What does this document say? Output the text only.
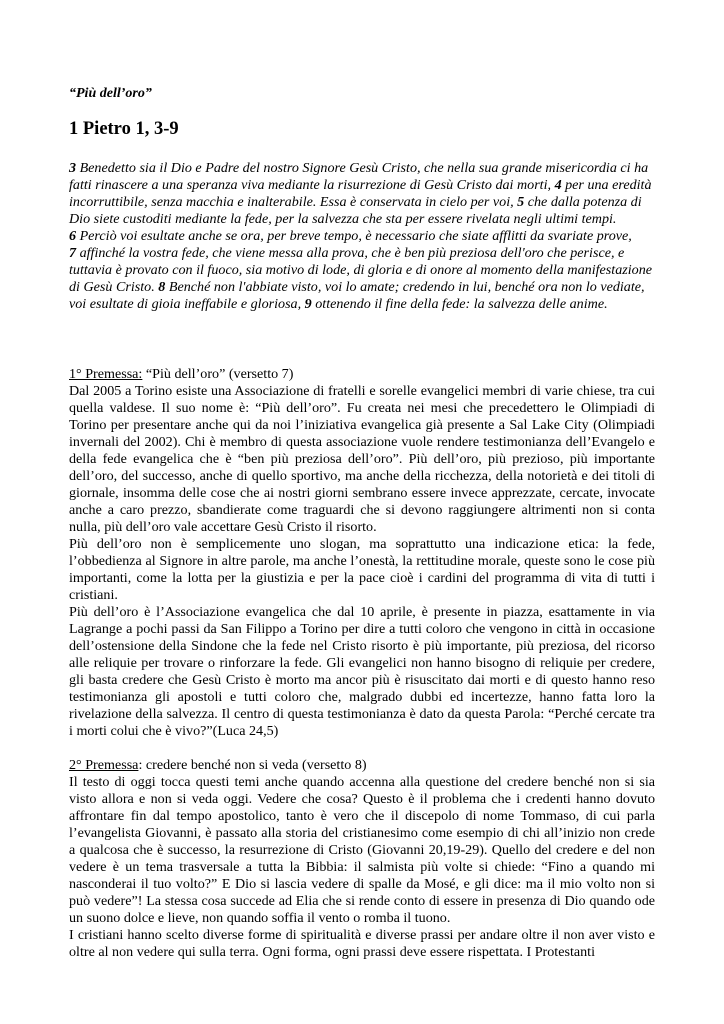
“Più dell’oro”

1 Pietro 1, 3-9

3 Benedetto sia il Dio e Padre del nostro Signore Gesù Cristo, che nella sua grande misericordia ci ha fatti rinascere a una speranza viva mediante la risurrezione di Gesù Cristo dai morti, 4 per una eredità incorruttibile, senza macchia e inalterabile. Essa è conservata in cielo per voi, 5 che dalla potenza di Dio siete custoditi mediante la fede, per la salvezza che sta per essere rivelata negli ultimi tempi.
6 Perciò voi esultate anche se ora, per breve tempo, è necessario che siate afflitti da svariate prove,
7 affinché la vostra fede, che viene messa alla prova, che è ben più preziosa dell'oro che perisce, e tuttavia è provato con il fuoco, sia motivo di lode, di gloria e di onore al momento della manifestazione di Gesù Cristo. 8 Benché non l'abbiate visto, voi lo amate; credendo in lui, benché ora non lo vediate, voi esultate di gioia ineffabile e gloriosa, 9 ottenendo il fine della fede: la salvezza delle anime.

1° Premessa: “Più dell’oro” (versetto 7)

Dal 2005 a Torino esiste una Associazione di fratelli e sorelle evangelici membri di varie chiese, tra cui quella valdese. Il suo nome è: “Più dell’oro”. Fu creata nei mesi che precedettero le Olimpiadi di Torino per presentare anche qui da noi l’iniziativa evangelica già presente a Sal Lake City (Olimpiadi invernali del 2002). Chi è membro di questa associazione vuole rendere testimonianza dell’Evangelo e della fede evangelica che è “ben più preziosa dell’oro”. Più dell’oro, più prezioso, più importante dell’oro, del successo, anche di quello sportivo, ma anche della ricchezza, della notorietà e dei titoli di giornale, insomma delle cose che ai nostri giorni sembrano essere invece apprezzate, cercate, invocate anche a caro prezzo, sbandierate come traguardi che si devono raggiungere altrimenti non si conta nulla, più dell’oro vale accettare Gesù Cristo il risorto.

Più dell’oro non è semplicemente uno slogan, ma soprattutto una indicazione etica: la fede, l’obbedienza al Signore in altre parole, ma anche l’onestà, la rettitudine morale, queste sono le cose più importanti, come la lotta per la giustizia e per la pace cioè i cardini del programma di vita di tutti i cristiani.

Più dell’oro è l’Associazione evangelica che dal 10 aprile, è presente in piazza, esattamente in via Lagrange a pochi passi da San Filippo a Torino per dire a tutti coloro che vengono in città in occasione dell’ostensione della Sindone che la fede nel Cristo risorto è più importante, più preziosa, del ricorso alle reliquie per trovare o rinforzare la fede. Gli evangelici non hanno bisogno di reliquie per credere, gli basta credere che Gesù Cristo è morto ma ancor più è risuscitato dai morti e di questo hanno reso testimonianza gli apostoli e tutti coloro che, malgrado dubbi ed incertezze, hanno fatta loro la rivelazione della salvezza. Il centro di questa testimonianza è dato da questa Parola: “Perché cercate tra i morti colui che è vivo?”(Luca 24,5)

2° Premessa: credere benché non si veda (versetto 8)

Il testo di oggi tocca questi temi anche quando accenna alla questione del credere benché non si sia visto allora e non si veda oggi. Vedere che cosa? Questo è il problema che i credenti hanno dovuto affrontare fin dal tempo apostolico, tanto è vero che il discepolo di nome Tommaso, di cui parla l’evangelista Giovanni, è passato alla storia del cristianesimo come esempio di chi all’inizio non crede a qualcosa che è successo, la resurrezione di Cristo (Giovanni 20,19-29). Quello del credere e del non vedere è un tema trasversale a tutta la Bibbia: il salmista più volte si chiede: “Fino a quando mi nasconderai il tuo volto?” E Dio si lascia vedere di spalle da Mosé, e gli dice: ma il mio volto non si può vedere”! La stessa cosa succede ad Elia che si rende conto di essere in presenza di Dio quando ode un suono dolce e lieve, non quando soffia il vento o romba il tuono.

I cristiani hanno scelto diverse forme di spiritualità e diverse prassi per andare oltre il non aver visto e oltre al non vedere qui sulla terra. Ogni forma, ogni prassi deve essere rispettata. I Protestanti
